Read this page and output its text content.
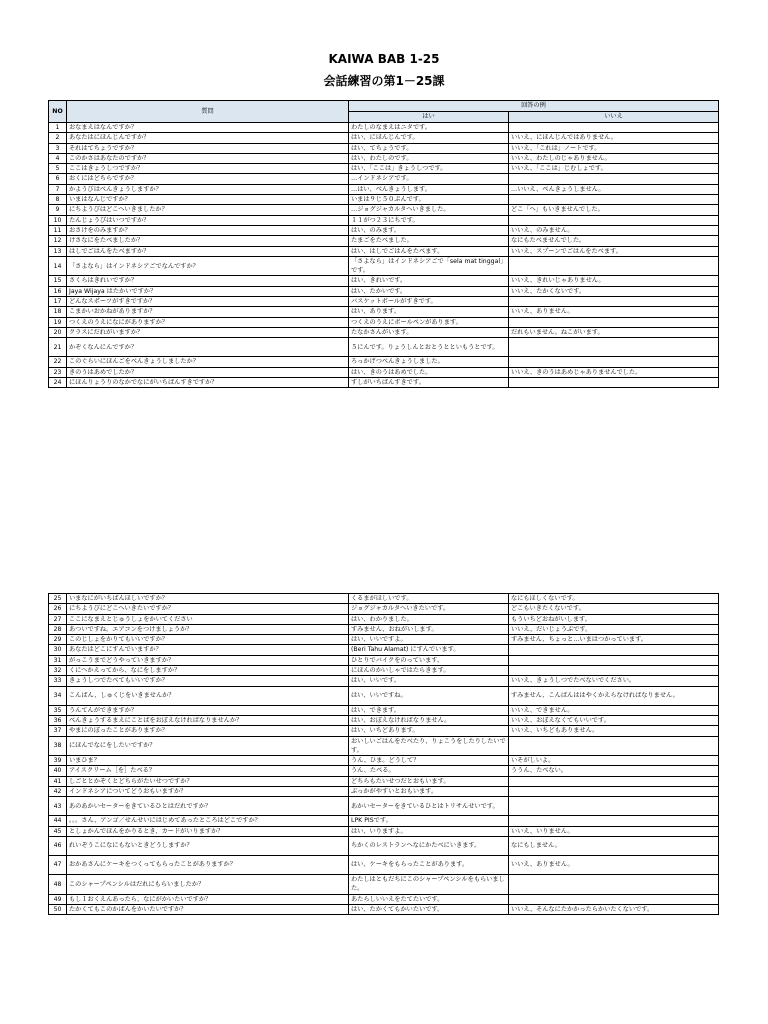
KAIWA BAB 1-25
会話練習の第1－25課
NO	質問	回答の例	
		はい	いいえ
1	おなまえはなんですか？	わたしのなまえはニタです。	
2	あなたはにほんじんですか？	はい、にほんじんです。	いいえ、にほんじんではありません。
3	それはてちょうですか？	はい、てちょうです。	いいえ、「これは」ノートです。
4	このかさはあなたのですか？	はい、わたしのです。	いいえ、わたしのじゃありません。
5	ここはきょうしつですか？	はい、「ここは」きょうしつです。	いいえ、「ここは」じむしょです。
6	おくにはどちらですか？	…インドネシアです。	
7	かようびはべんきょうしますか？	…はい、べんきょうします。	…いいえ、べんきょうしません。
8	いまはなんじですか？	いまは９じ５０ぷんです。	
9	にちようびはどこへいきましたか？	…ジョグジャカルタへいきました。	どこ「へ」もいきませんでした。
10	たんじょうびはいつですか？	１１がつ２３にちです。	
11	おさけをのみますか？	はい、のみます。	いいえ、のみません。
12	けさなにをたべましたか？	たまごをたべました。	なにもたべませんでした。
13	はしでごはんをたべますか？	はい、はしでごはんをたべます。	いいえ、スプーンでごはんをたべます。
14	「さよなら」はインドネシアごでなんですか？	「さよなら」はインドネシアごで「sela mat tinggal」です。	
15	さくらはきれいですか？	はい、きれいです。	いいえ、きれいじゃありません。
16	Jaya Wijaya はたかいですか？	はい、たかいです。	いいえ、たかくないです。
17	どんなスポーツがすきですか？	バスケットボールがすきです。	
18	こまかいおかねがありますか？	はい、あります。	いいえ、ありません。
19	つくえのうえになにがありますか？	つくえのうえにボールペンがあります。	
20	クラスにだれがいますか？	たなかさんがいます。	だれもいません。ねこがいます。
21	かぞくなんにんですか？	５にんです。りょうしんとおとうとといもうとです。	
22	このぐらいにほんごをべんきょうしましたか？	ろっかげつべんきょうしました。	
23	きのうはあめでしたか？	はい、きのうはあめでした。	いいえ、きのうはあめじゃありませんでした。
24	にほんりょうりのなかでなにがいちばんすきですか？	すしがいちばんすきです。	
25	いまなにがいちばんほしいですか？	くるまがほしいです。	なにもほしくないです。
26	にちようびにどこへいきたいですか？	ジョグジャカルタへいきたいです。	どこもいきたくないです。
27	ここになまえとじゅうしょをかいてください	はい、わかりました。	もういちどおねがいします。
28	あついですね。エアコンをつけましょうか？	すみません、おねがいします。	いいえ、だいじょうぶです。
29	このじしょをかりてもいいですか？	はい、いいですよ。	すみません、ちょっと…いまはつかっています。
30	あなたはどこにすんでいますか？	(Beri Tahu Alamat) にすんでいます。	
31	がっこうまでどうやっていきますか？	ひとりでバイクをのっています。	
32	くにへかえってから、なにをしますか？	にほんのかいしゃではたらきます。	
33	きょうしつでたべてもいいですか？	はい、いいです。	いいえ、きょうしつでたべないでください。
34	こんばん、しゅくじをいきませんか？	はい、いいですね。	すみません、こんばんははやくかえらなければなりません。
35	うんてんができますか？	はい、できます。	いいえ、できません。
36	べんきょうするまえにことばをおぼえなければなりませんか？	はい、おぼえなければなりません。	いいえ、おぼえなくてもいいです。
37	やまにのぼったことがありますか？	はい、いちどあります。	いいえ、いちどもありません。
38	にほんでなにをしたいですか？	おいしいごはんをたべたり、りょこうをしたりしたいです。	
39	いまひま？	うん、ひま。どうして？	いそがしいよ。
40	アイスクリーム［を］たべる？	うん、たべる。	ううん、たべない。
41	しごととかぞくとどちらがたいせつですか？	どちらもたいせつだとおもいます。	
42	インドネシアについてどうおもいますか？	ぶっかがやすいとおもいます。	
43	あのあかいセーターをきているひとはだれですか？	あかいセーターをきているひとはトリサんせいです。	
44	。。。さん、アンゴ／せんせいにはじめてあったところはどこですか？	LPK PISです。	
45	としょかんでほんをかりるとき、カードがいりますか？	はい、いりますよ。	いいえ、いりません。
46	れいぞうこになにもないときどうしますか？	ちかくのレストランへなにかたべにいきます。	なにもしません。
47	おかあさんにケーキをつくってもらったことがありますか？	はい、ケーキをもらったことがあります。	いいえ、ありません。
48	このシャープペンシルはだれにもらいましたか？	わたしはともだちにこのシャープペンシルをもらいました。	
49	もし１おくえんあったら、なにがかいたいですか？	あたらしいいえをたてたいです。	
50	たかくてもこのかばんをかいたいですか？	はい、たかくてもかいたいです。	いいえ、そんなにたかかったらかいたくないです。
